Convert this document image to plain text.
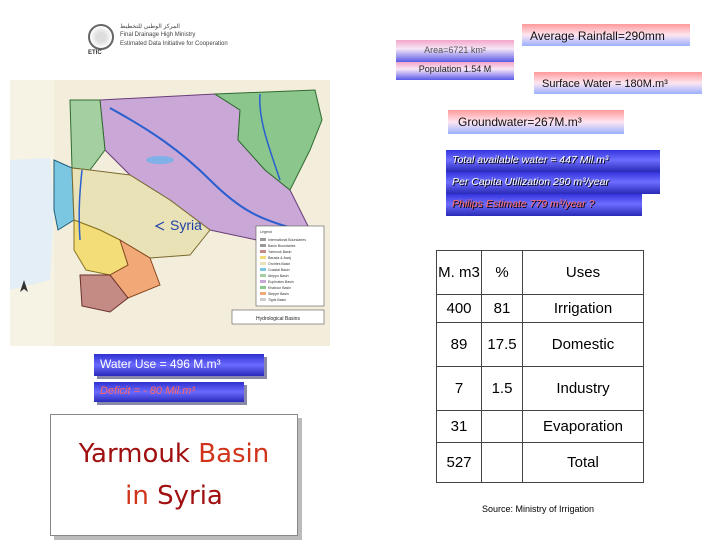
ETIC
المركز الوطني للتخطيط
Final Drainage High Ministry
Estimated Data Initiative for Cooperation
Average Rainfall=290mm
Area=6721 km²
Population 1.54 M
Surface Water = 180M.m³
Groundwater=267M.m³
Total available water = 447 Mil.m³
Per Capita Utilization 290 m³/year
Philips Estimate 779 m³/year ?
Legend
International Boundaries
Basin Boundaries
Yarmouk Basin
Barada & Awaj
Orontes Basin
Coastal Basin
Aleppo Basin
Euphrates Basin
Khabour Basin
Steppe Basin
Tigris Basin
Hydrological Basins
Syria
Water Use = 496 M.m³
Deficit = - 80 Mil.m³
Yarmouk Basin
in Syria
M. m3	%	Uses
400	81	Irrigation
89	17.5	Domestic
7	1.5	Industry
31		Evaporation
527		Total
Source: Ministry of Irrigation
